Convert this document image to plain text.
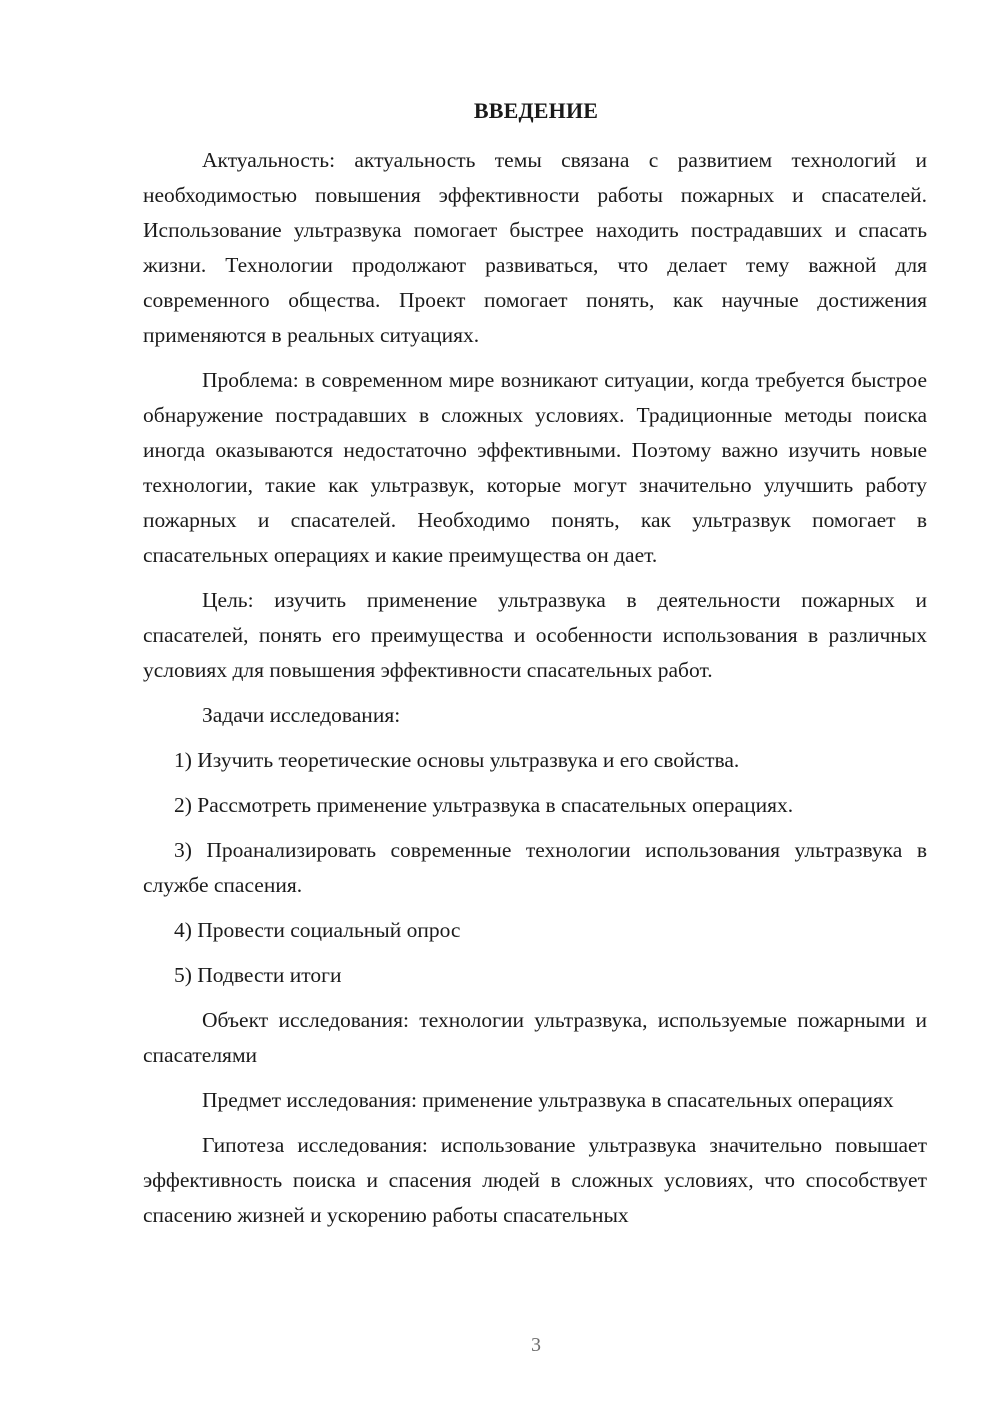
ВВЕДЕНИЕ

Актуальность: актуальность темы связана с развитием технологий и необходимостью повышения эффективности работы пожарных и спасателей. Использование ультразвука помогает быстрее находить пострадавших и спасать жизни. Технологии продолжают развиваться, что делает тему важной для современного общества. Проект помогает понять, как научные достижения применяются в реальных ситуациях.

Проблема: в современном мире возникают ситуации, когда требуется быстрое обнаружение пострадавших в сложных условиях. Традиционные методы поиска иногда оказываются недостаточно эффективными. Поэтому важно изучить новые технологии, такие как ультразвук, которые могут значительно улучшить работу пожарных и спасателей. Необходимо понять, как ультразвук помогает в спасательных операциях и какие преимущества он дает.

Цель: изучить применение ультразвука в деятельности пожарных и спасателей, понять его преимущества и особенности использования в различных условиях для повышения эффективности спасательных работ.

Задачи исследования:

1) Изучить теоретические основы ультразвука и его свойства.

2) Рассмотреть применение ультразвука в спасательных операциях.

3) Проанализировать современные технологии использования ультразвука в службе спасения.

4) Провести социальный опрос

5) Подвести итоги

Объект исследования: технологии ультразвука, используемые пожарными и спасателями

Предмет исследования: применение ультразвука в спасательных операциях

Гипотеза исследования: использование ультразвука значительно повышает эффективность поиска и спасения людей в сложных условиях, что способствует спасению жизней и ускорению работы спасательных

3
